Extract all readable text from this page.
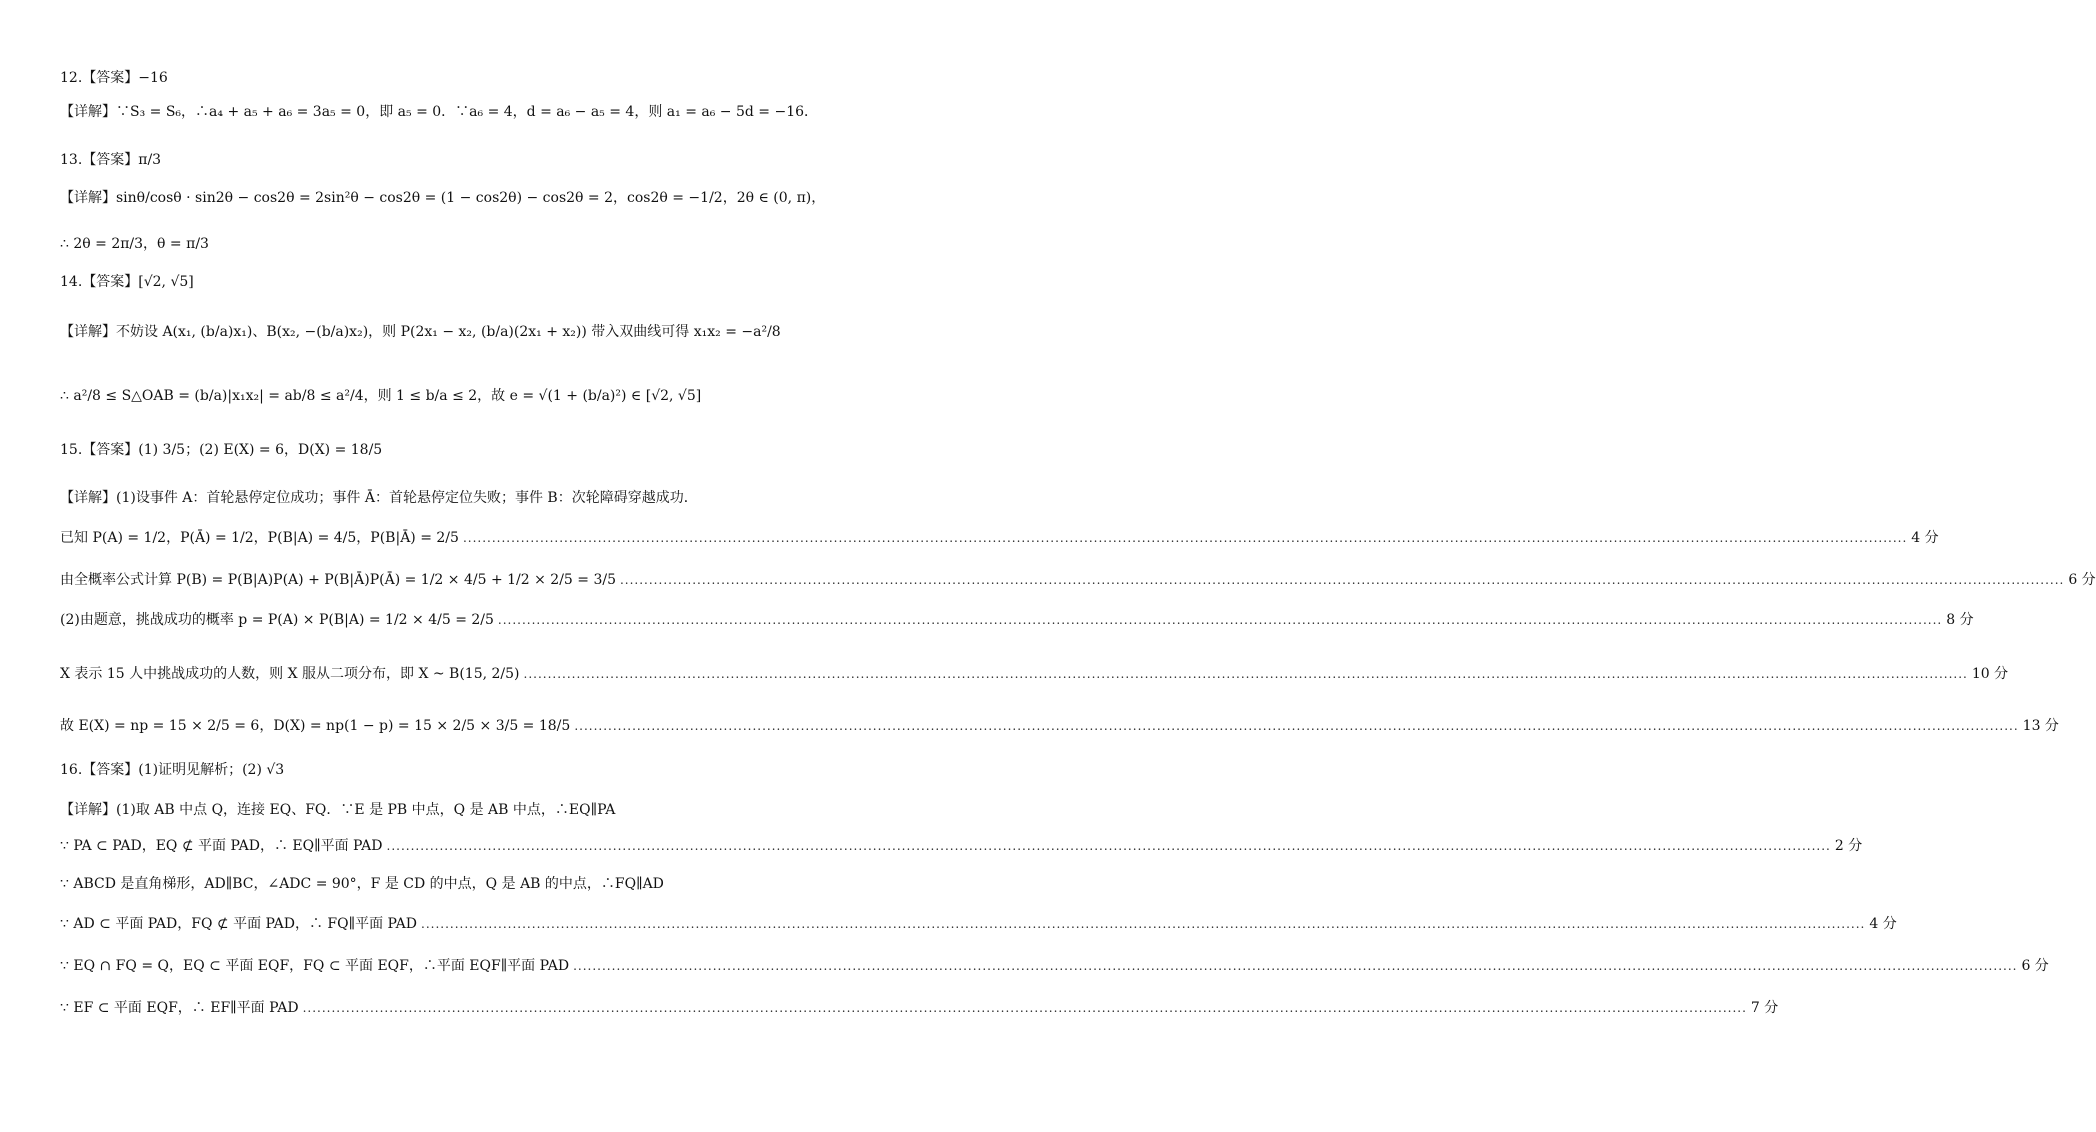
12.【答案】−16
【详解】∵S₃ = S₆，∴a₄ + a₅ + a₆ = 3a₅ = 0，即 a₅ = 0．∵a₆ = 4，d = a₆ − a₅ = 4，则 a₁ = a₆ − 5d = −16．
13.【答案】π/3
【详解】sinθ/cosθ · sin2θ − cos2θ = 2sin²θ − cos2θ = (1 − cos2θ) − cos2θ = 2，cos2θ = −1/2，2θ ∈ (0, π)，
∴ 2θ = 2π/3，θ = π/3
14.【答案】[√2, √5]
【详解】不妨设 A(x₁, (b/a)x₁)、B(x₂, −(b/a)x₂)，则 P(2x₁ − x₂, (b/a)(2x₁ + x₂)) 带入双曲线可得 x₁x₂ = −a²/8
∴ a²/8 ≤ S△OAB = (b/a)|x₁x₂| = ab/8 ≤ a²/4，则 1 ≤ b/a ≤ 2，故 e = √(1 + (b/a)²) ∈ [√2, √5]
15.【答案】(1) 3/5；(2) E(X) = 6，D(X) = 18/5
【详解】(1)设事件 A：首轮悬停定位成功；事件 Ā：首轮悬停定位失败；事件 B：次轮障碍穿越成功．
已知 P(A) = 1/2，P(Ā) = 1/2，P(B|A) = 4/5，P(B|Ā) = 2/5 ............................................................................................................................................................................................................................................................................................................ 4 分
由全概率公式计算 P(B) = P(B|A)P(A) + P(B|Ā)P(Ā) = 1/2 × 4/5 + 1/2 × 2/5 = 3/5 ............................................................................................................................................................................................................................................................................................................ 6 分
(2)由题意，挑战成功的概率 p = P(A) × P(B|A) = 1/2 × 4/5 = 2/5 ............................................................................................................................................................................................................................................................................................................ 8 分
X 表示 15 人中挑战成功的人数，则 X 服从二项分布，即 X ~ B(15, 2/5) ............................................................................................................................................................................................................................................................................................................ 10 分
故 E(X) = np = 15 × 2/5 = 6，D(X) = np(1 − p) = 15 × 2/5 × 3/5 = 18/5 ............................................................................................................................................................................................................................................................................................................ 13 分
16.【答案】(1)证明见解析；(2) √3
【详解】(1)取 AB 中点 Q，连接 EQ、FQ．∵E 是 PB 中点，Q 是 AB 中点，∴EQ∥PA
∵ ABCD 是直角梯形，AD∥BC，∠ADC = 90°，F 是 CD 的中点，Q 是 AB 的中点，∴FQ∥AD
∵ PA ⊂ PAD，EQ ⊄ 平面 PAD，∴ EQ∥平面 PAD ............................................................................................................................................................................................................................................................................................................ 2 分
∵ AD ⊂ 平面 PAD，FQ ⊄ 平面 PAD，∴ FQ∥平面 PAD ............................................................................................................................................................................................................................................................................................................ 4 分
∵ EQ ∩ FQ = Q，EQ ⊂ 平面 EQF，FQ ⊂ 平面 EQF，∴平面 EQF∥平面 PAD ............................................................................................................................................................................................................................................................................................................ 6 分
∵ EF ⊂ 平面 EQF，∴ EF∥平面 PAD ............................................................................................................................................................................................................................................................................................................ 7 分
